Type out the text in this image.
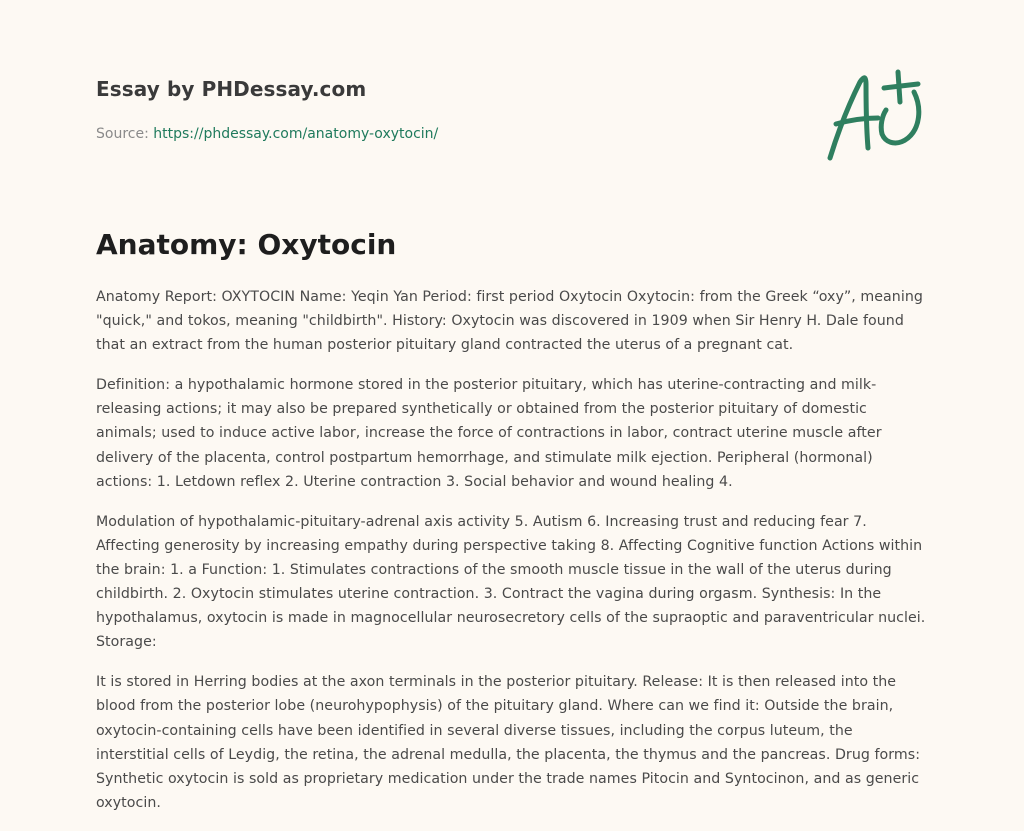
Essay by PHDessay.com
Source: https://phdessay.com/anatomy-oxytocin/
Anatomy: Oxytocin

Anatomy Report: OXYTOCIN Name: Yeqin Yan Period: first period Oxytocin Oxytocin: from the Greek “oxy”, meaning "quick," and tokos, meaning "childbirth". History: Oxytocin was discovered in 1909 when Sir Henry H. Dale found that an extract from the human posterior pituitary gland contracted the uterus of a pregnant cat.

Definition: a hypothalamic hormone stored in the posterior pituitary, which has uterine-contracting and milk-releasing actions; it may also be prepared synthetically or obtained from the posterior pituitary of domestic animals; used to induce active labor, increase the force of contractions in labor, contract uterine muscle after delivery of the placenta, control postpartum hemorrhage, and stimulate milk ejection. Peripheral (hormonal) actions: 1. Letdown reflex 2. Uterine contraction 3. Social behavior and wound healing 4.

Modulation of hypothalamic-pituitary-adrenal axis activity 5. Autism 6. Increasing trust and reducing fear 7. Affecting generosity by increasing empathy during perspective taking 8. Affecting Cognitive function Actions within the brain: 1. a Function: 1. Stimulates contractions of the smooth muscle tissue in the wall of the uterus during childbirth. 2. Oxytocin stimulates uterine contraction. 3. Contract the vagina during orgasm. Synthesis: In the hypothalamus, oxytocin is made in magnocellular neurosecretory cells of the supraoptic and paraventricular nuclei. Storage:

It is stored in Herring bodies at the axon terminals in the posterior pituitary. Release: It is then released into the blood from the posterior lobe (neurohypophysis) of the pituitary gland. Where can we find it: Outside the brain, oxytocin-containing cells have been identified in several diverse tissues, including the corpus luteum, the interstitial cells of Leydig, the retina, the adrenal medulla, the placenta, the thymus and the pancreas. Drug forms: Synthetic oxytocin is sold as proprietary medication under the trade names Pitocin and Syntocinon, and as generic oxytocin.
